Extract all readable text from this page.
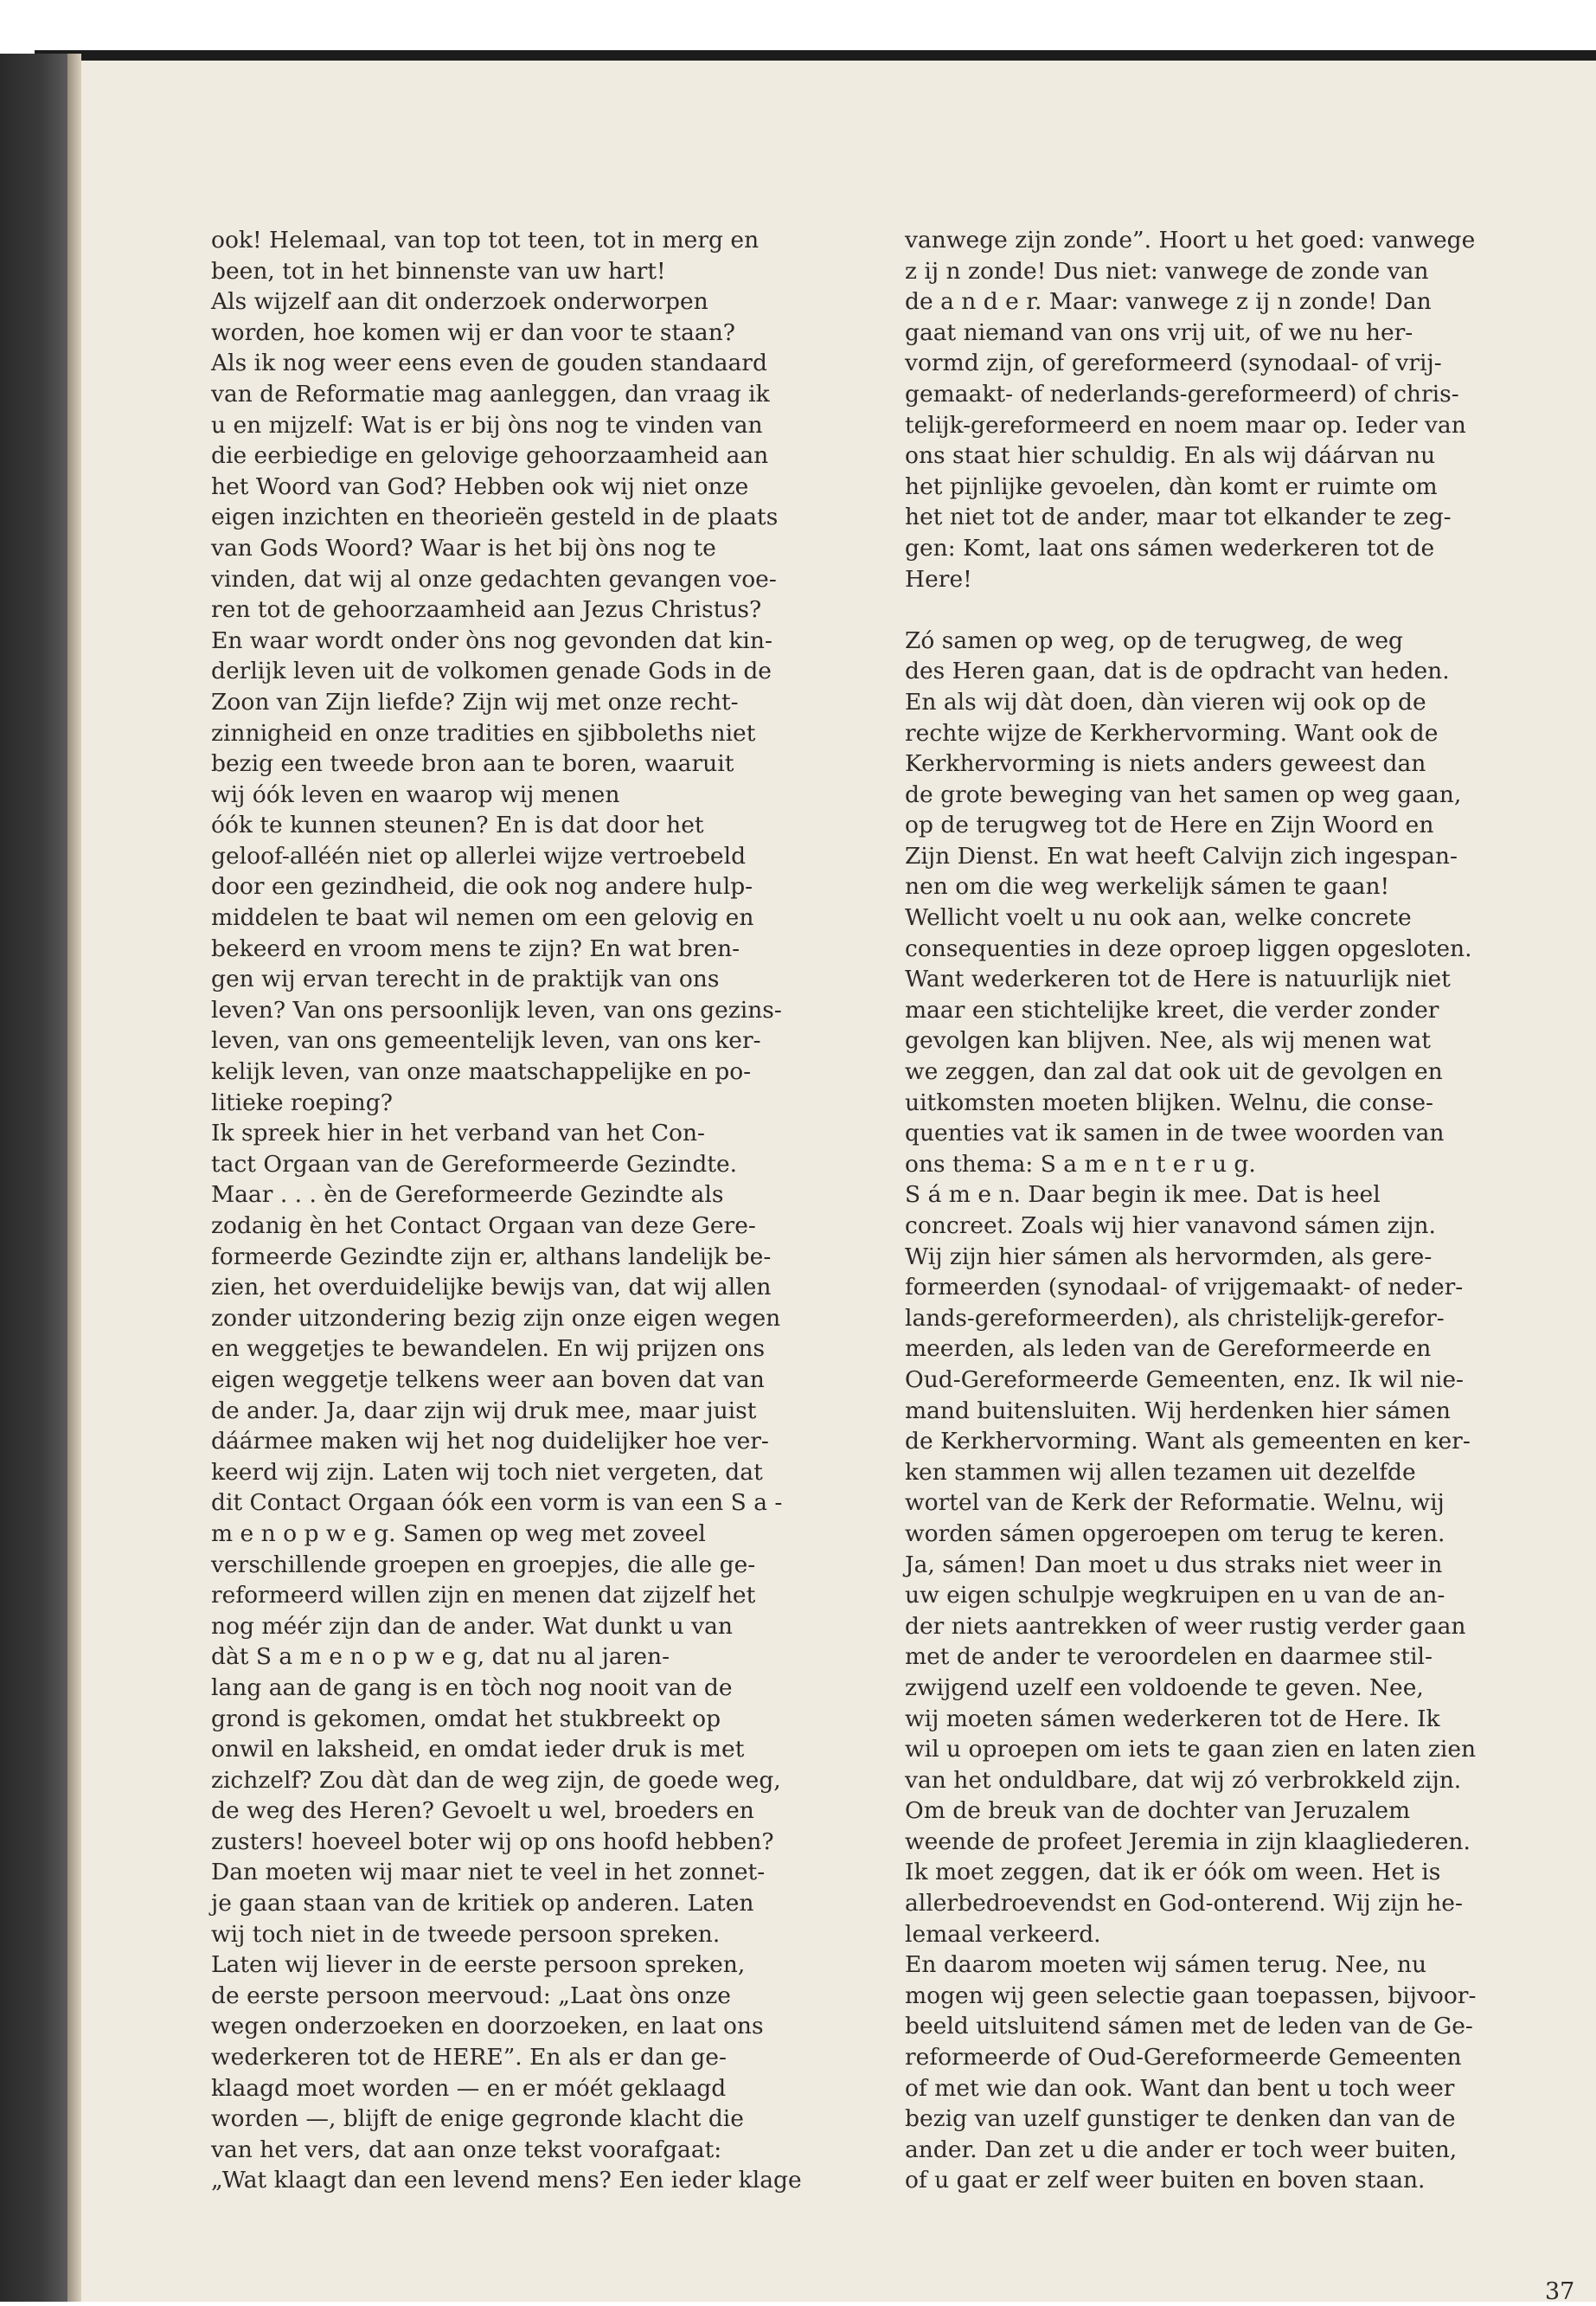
ook! Helemaal, van top tot teen, tot in merg en
been, tot in het binnenste van uw hart!
Als wijzelf aan dit onderzoek onderworpen
worden, hoe komen wij er dan voor te staan?
Als ik nog weer eens even de gouden standaard
van de Reformatie mag aanleggen, dan vraag ik
u en mijzelf: Wat is er bij òns nog te vinden van
die eerbiedige en gelovige gehoorzaamheid aan
het Woord van God? Hebben ook wij niet onze
eigen inzichten en theorieën gesteld in de plaats
van Gods Woord? Waar is het bij òns nog te
vinden, dat wij al onze gedachten gevangen voe-
ren tot de gehoorzaamheid aan Jezus Christus?
En waar wordt onder òns nog gevonden dat kin-
derlijk leven uit de volkomen genade Gods in de
Zoon van Zijn liefde? Zijn wij met onze recht-
zinnigheid en onze tradities en sjibboleths niet
bezig een tweede bron aan te boren, waaruit
wij óók leven en waarop wij menen
óók te kunnen steunen? En is dat door het
geloof-alléén niet op allerlei wijze vertroebeld
door een gezindheid, die ook nog andere hulp-
middelen te baat wil nemen om een gelovig en
bekeerd en vroom mens te zijn? En wat bren-
gen wij ervan terecht in de praktijk van ons
leven? Van ons persoonlijk leven, van ons gezins-
leven, van ons gemeentelijk leven, van ons ker-
kelijk leven, van onze maatschappelijke en po-
litieke roeping?
Ik spreek hier in het verband van het Con-
tact Orgaan van de Gereformeerde Gezindte.
Maar . . . èn de Gereformeerde Gezindte als
zodanig èn het Contact Orgaan van deze Gere-
formeerde Gezindte zijn er, althans landelijk be-
zien, het overduidelijke bewijs van, dat wij allen
zonder uitzondering bezig zijn onze eigen wegen
en weggetjes te bewandelen. En wij prijzen ons
eigen weggetje telkens weer aan boven dat van
de ander. Ja, daar zijn wij druk mee, maar juist
dáármee maken wij het nog duidelijker hoe ver-
keerd wij zijn. Laten wij toch niet vergeten, dat
dit Contact Orgaan óók een vorm is van een S a -
m e n o p w e g. Samen op weg met zoveel
verschillende groepen en groepjes, die alle ge-
reformeerd willen zijn en menen dat zijzelf het
nog méér zijn dan de ander. Wat dunkt u van
dàt S a m e n o p w e g, dat nu al jaren-
lang aan de gang is en tòch nog nooit van de
grond is gekomen, omdat het stukbreekt op
onwil en laksheid, en omdat ieder druk is met
zichzelf? Zou dàt dan de weg zijn, de goede weg,
de weg des Heren? Gevoelt u wel, broeders en
zusters! hoeveel boter wij op ons hoofd hebben?
Dan moeten wij maar niet te veel in het zonnet-
je gaan staan van de kritiek op anderen. Laten
wij toch niet in de tweede persoon spreken.
Laten wij liever in de eerste persoon spreken,
de eerste persoon meervoud: „Laat òns onze
wegen onderzoeken en doorzoeken, en laat ons
wederkeren tot de HERE”. En als er dan ge-
klaagd moet worden — en er móét geklaagd
worden —, blijft de enige gegronde klacht die
van het vers, dat aan onze tekst voorafgaat:
„Wat klaagt dan een levend mens? Een ieder klage
vanwege zijn zonde”. Hoort u het goed: vanwege
z ij n zonde! Dus niet: vanwege de zonde van
de a n d e r. Maar: vanwege z ij n zonde! Dan
gaat niemand van ons vrij uit, of we nu her-
vormd zijn, of gereformeerd (synodaal- of vrij-
gemaakt- of nederlands-gereformeerd) of chris-
telijk-gereformeerd en noem maar op. Ieder van
ons staat hier schuldig. En als wij dáárvan nu
het pijnlijke gevoelen, dàn komt er ruimte om
het niet tot de ander, maar tot elkander te zeg-
gen: Komt, laat ons sámen wederkeren tot de
Here!
Zó samen op weg, op de terugweg, de weg
des Heren gaan, dat is de opdracht van heden.
En als wij dàt doen, dàn vieren wij ook op de
rechte wijze de Kerkhervorming. Want ook de
Kerkhervorming is niets anders geweest dan
de grote beweging van het samen op weg gaan,
op de terugweg tot de Here en Zijn Woord en
Zijn Dienst. En wat heeft Calvijn zich ingespan-
nen om die weg werkelijk sámen te gaan!
Wellicht voelt u nu ook aan, welke concrete
consequenties in deze oproep liggen opgesloten.
Want wederkeren tot de Here is natuurlijk niet
maar een stichtelijke kreet, die verder zonder
gevolgen kan blijven. Nee, als wij menen wat
we zeggen, dan zal dat ook uit de gevolgen en
uitkomsten moeten blijken. Welnu, die conse-
quenties vat ik samen in de twee woorden van
ons thema: S a m e n t e r u g.
S á m e n. Daar begin ik mee. Dat is heel
concreet. Zoals wij hier vanavond sámen zijn.
Wij zijn hier sámen als hervormden, als gere-
formeerden (synodaal- of vrijgemaakt- of neder-
lands-gereformeerden), als christelijk-gerefor-
meerden, als leden van de Gereformeerde en
Oud-Gereformeerde Gemeenten, enz. Ik wil nie-
mand buitensluiten. Wij herdenken hier sámen
de Kerkhervorming. Want als gemeenten en ker-
ken stammen wij allen tezamen uit dezelfde
wortel van de Kerk der Reformatie. Welnu, wij
worden sámen opgeroepen om terug te keren.
Ja, sámen! Dan moet u dus straks niet weer in
uw eigen schulpje wegkruipen en u van de an-
der niets aantrekken of weer rustig verder gaan
met de ander te veroordelen en daarmee stil-
zwijgend uzelf een voldoende te geven. Nee,
wij moeten sámen wederkeren tot de Here. Ik
wil u oproepen om iets te gaan zien en laten zien
van het onduldbare, dat wij zó verbrokkeld zijn.
Om de breuk van de dochter van Jeruzalem
weende de profeet Jeremia in zijn klaagliederen.
Ik moet zeggen, dat ik er óók om ween. Het is
allerbedroevendst en God-onterend. Wij zijn he-
lemaal verkeerd.
En daarom moeten wij sámen terug. Nee, nu
mogen wij geen selectie gaan toepassen, bijvoor-
beeld uitsluitend sámen met de leden van de Ge-
reformeerde of Oud-Gereformeerde Gemeenten
of met wie dan ook. Want dan bent u toch weer
bezig van uzelf gunstiger te denken dan van de
ander. Dan zet u die ander er toch weer buiten,
of u gaat er zelf weer buiten en boven staan.
37
